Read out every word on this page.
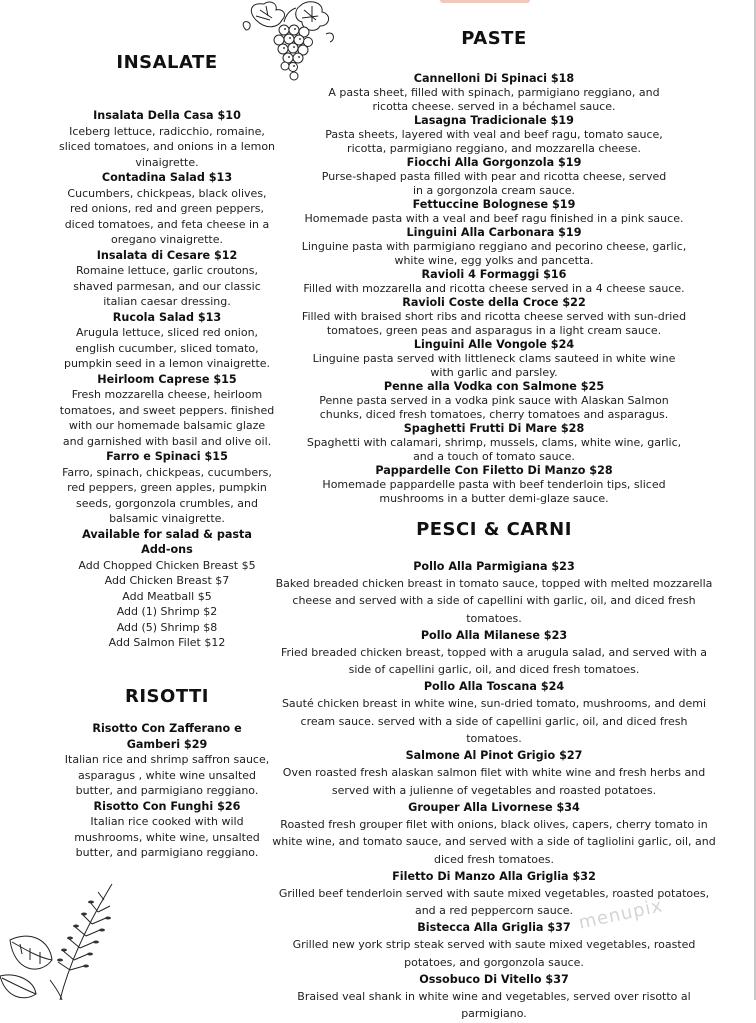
INSALATE
Insalata Della Casa $10
Iceberg lettuce, radicchio, romaine, sliced tomatoes, and onions in a lemon vinaigrette.
Contadina Salad $13
Cucumbers, chickpeas, black olives, red onions, red and green peppers, diced tomatoes, and feta cheese in a oregano vinaigrette.
Insalata di Cesare $12
Romaine lettuce, garlic croutons, shaved parmesan, and our classic italian caesar dressing.
Rucola Salad $13
Arugula lettuce, sliced red onion, english cucumber, sliced tomato, pumpkin seed in a lemon vinaigrette.
Heirloom Caprese $15
Fresh mozzarella cheese, heirloom tomatoes, and sweet peppers. finished with our homemade balsamic glaze and garnished with basil and olive oil.
Farro e Spinaci $15
Farro, spinach, chickpeas, cucumbers, red peppers, green apples, pumpkin seeds, gorgonzola crumbles, and balsamic vinaigrette.
Available for salad & pasta
Add-ons
Add Chopped Chicken Breast $5
Add Chicken Breast $7
Add Meatball $5
Add (1) Shrimp $2
Add (5) Shrimp $8
Add Salmon Filet $12
RISOTTI
Risotto Con Zafferano e Gamberi $29
Italian rice and shrimp saffron sauce, asparagus , white wine unsalted butter, and parmigiano reggiano.
Risotto Con Funghi $26
Italian rice cooked with wild mushrooms, white wine, unsalted butter, and parmigiano reggiano.
PASTE
Cannelloni Di Spinaci $18
A pasta sheet, filled with spinach, parmigiano reggiano, and ricotta cheese. served in a béchamel sauce.
Lasagna Tradicionale $19
Pasta sheets, layered with veal and beef ragu, tomato sauce, ricotta, parmigiano reggiano, and mozzarella cheese.
Fiocchi Alla Gorgonzola $19
Purse-shaped pasta filled with pear and ricotta cheese, served in a gorgonzola cream sauce.
Fettuccine Bolognese $19
Homemade pasta with a veal and beef ragu finished in a pink sauce.
Linguini Alla Carbonara $19
Linguine pasta with parmigiano reggiano and pecorino cheese, garlic, white wine, egg yolks and pancetta.
Ravioli 4 Formaggi $16
Filled with mozzarella and ricotta cheese served in a 4 cheese sauce.
Ravioli Coste della Croce $22
Filled with braised short ribs and ricotta cheese served with sun-dried tomatoes, green peas and asparagus in a light cream sauce.
Linguini Alle Vongole $24
Linguine pasta served with littleneck clams sauteed in white wine with garlic and parsley.
Penne alla Vodka con Salmone $25
Penne pasta served in a vodka pink sauce with Alaskan Salmon chunks, diced fresh tomatoes, cherry tomatoes and asparagus.
Spaghetti Frutti Di Mare $28
Spaghetti with calamari, shrimp, mussels, clams, white wine, garlic, and a touch of tomato sauce.
Pappardelle Con Filetto Di Manzo $28
Homemade pappardelle pasta with beef tenderloin tips, sliced mushrooms in a butter demi-glaze sauce.
PESCI & CARNI
Pollo Alla Parmigiana $23
Baked breaded chicken breast in tomato sauce, topped with melted mozzarella cheese and served with a side of capellini with garlic, oil, and diced fresh tomatoes.
Pollo Alla Milanese $23
Fried breaded chicken breast, topped with a arugula salad, and served with a side of capellini garlic, oil, and diced fresh tomatoes.
Pollo Alla Toscana $24
Sauté chicken breast in white wine, sun-dried tomato, mushrooms, and demi cream sauce. served with a side of capellini garlic, oil, and diced fresh tomatoes.
Salmone Al Pinot Grigio $27
Oven roasted fresh alaskan salmon filet with white wine and fresh herbs and served with a julienne of vegetables and roasted potatoes.
Grouper Alla Livornese $34
Roasted fresh grouper filet with onions, black olives, capers, cherry tomato in white wine, and tomato sauce, and served with a side of tagliolini garlic, oil, and diced fresh tomatoes.
Filetto Di Manzo Alla Griglia $32
Grilled beef tenderloin served with saute mixed vegetables, roasted potatoes, and a red peppercorn sauce.
Bistecca Alla Griglia $37
Grilled new york strip steak served with saute mixed vegetables, roasted potatoes, and gorgonzola sauce.
Ossobuco Di Vitello $37
Braised veal shank in white wine and vegetables, served over risotto al parmigiano.
menupix
